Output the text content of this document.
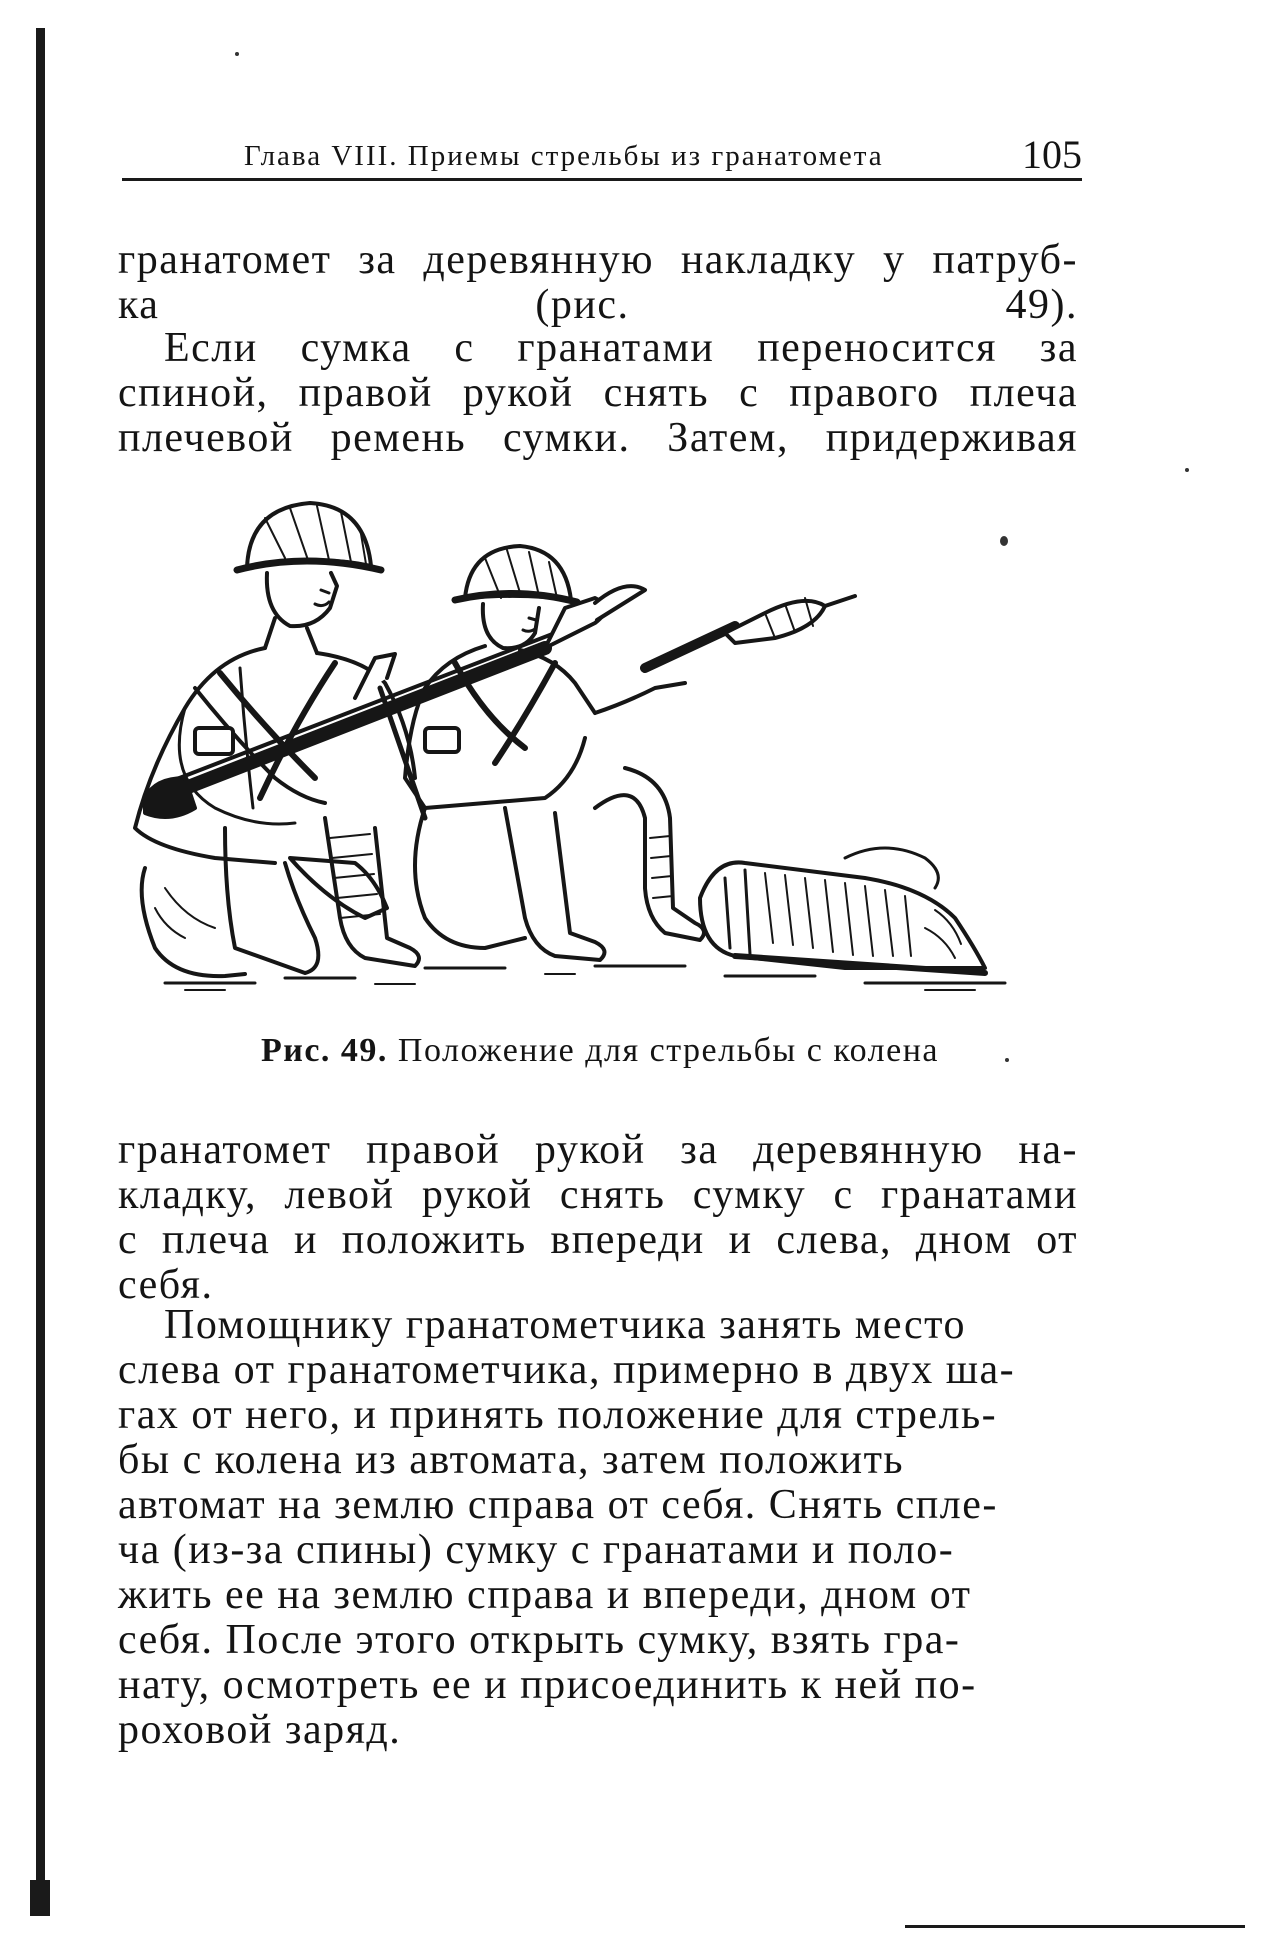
Глава VIII. Приемы стрельбы из гранатомета	105

гранатомет за деревянную накладку у патруб-
ка (рис. 49).

Если сумка с гранатами переносится за
спиной, правой рукой снять с правого плеча
плечевой ремень сумки. Затем, придерживая

Рис. 49. Положение для стрельбы с колена

гранатомет правой рукой за деревянную на-
кладку, левой рукой снять сумку с гранатами
с плеча и положить впереди и слева, дном от
себя.

Помощнику гранатометчика занять место
слева от гранатометчика, примерно в двух ша-
гах от него, и принять положение для стрель-
бы с колена из автомата, затем положить
автомат на землю справа от себя. Снять спле-
ча (из-за спины) сумку с гранатами и поло-
жить ее на землю справа и впереди, дном от
себя. После этого открыть сумку, взять гра-
нату, осмотреть ее и присоединить к ней по-
роховой заряд.
